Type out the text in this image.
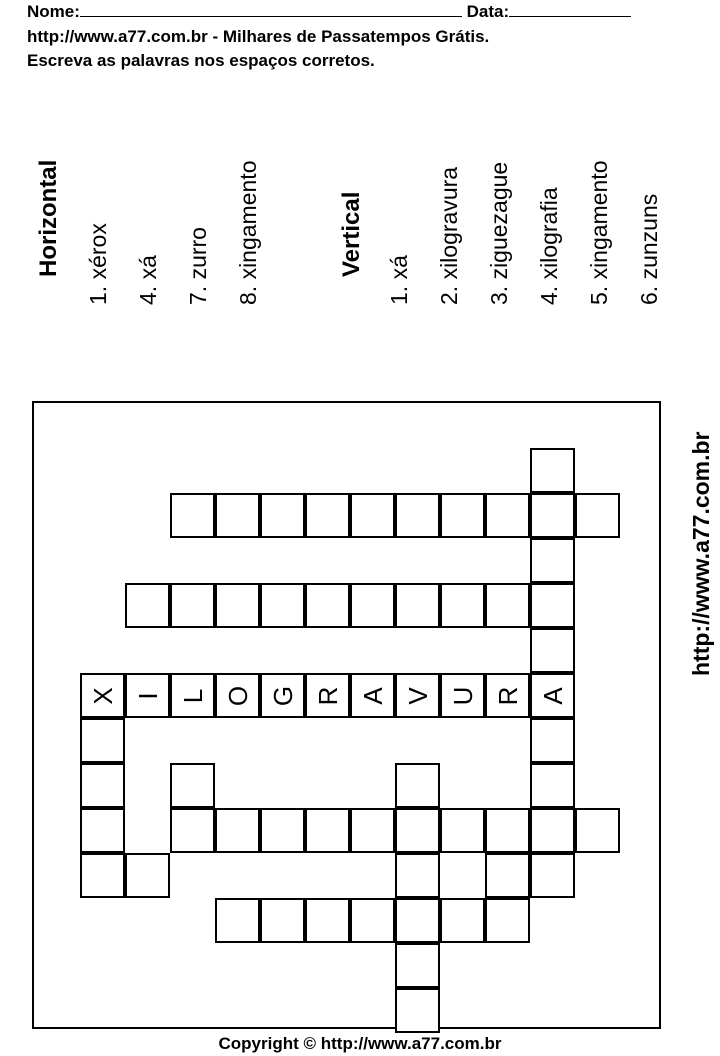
Nome:	Data:
http://www.a77.com.br - Milhares de Passatempos Grátis.
Escreva as palavras nos espaços corretos.
Horizontal 1. xérox 4. xá 7. zurro 8. xingamento	Vertical
1. xá 2. xilogravura 3. ziguezague 4. xilografia 5. xingamento 6. zunzuns
http://www.a77.com.br
A
X I L O G R A V U R
Copyright © http://www.a77.com.br
